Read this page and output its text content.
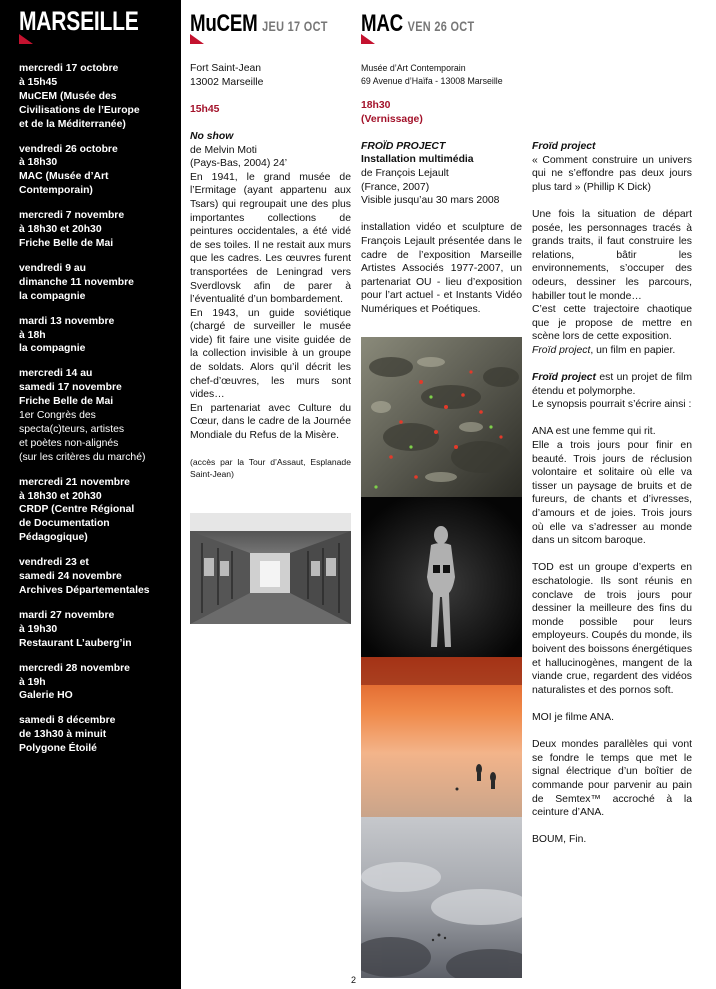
MARSEILLE
mercredi 17 octobre
à 15h45
MuCEM (Musée des
Civilisations de l’Europe
et de la Méditerranée)
vendredi 26 octobre
à 18h30
MAC (Musée d’Art
Contemporain)
mercredi 7 novembre
à 18h30 et 20h30
Friche Belle de Mai
vendredi 9 au
dimanche 11 novembre
la compagnie
mardi 13 novembre
à 18h
la compagnie
mercredi 14 au
samedi 17 novembre
Friche Belle de Mai
1er Congrès des
specta(c)teurs, artistes
et poètes non-alignés
(sur les critères du marché)
mercredi 21 novembre
à 18h30 et 20h30
CRDP (Centre Régional
de Documentation
Pédagogique)
vendredi 23 et
samedi 24 novembre
Archives Départementales
mardi 27 novembre
à 19h30
Restaurant L’auberg’in
mercredi 28 novembre
à 19h
Galerie HO
samedi 8 décembre
de 13h30 à minuit
Polygone Étoilé
MuCEM JEU 17 OCT
Fort Saint-Jean
13002 Marseille
15h45
No show
de Melvin Moti
(Pays-Bas, 2004) 24’
En 1941, le grand musée de l’Ermitage (ayant appartenu aux Tsars) qui regroupait une des plus importantes collections de peintures occidentales, a été vidé de ses toiles. Il ne restait aux murs que les cadres. Les œuvres furent transportées de Leningrad vers Sverdlovsk afin de parer à l’éventualité d’un bombardement.
En 1943, un guide soviétique (chargé de surveiller le musée vide) fit faire une visite guidée de la collection invisible à un groupe de soldats. Alors qu’il décrit les chef-d’œuvres, les murs sont vides…
En partenariat avec Culture du Cœur, dans le cadre de la Journée Mondiale du Refus de la Misère.
(accès par la Tour d’Assaut, Esplanade Saint-Jean)
MAC VEN 26 OCT
Musée d’Art Contemporain
69 Avenue d’Haïfa - 13008 Marseille
18h30
(Vernissage)
FROÏD PROJECT
Installation multimédia
de François Lejault
(France, 2007)
Visible jusqu’au 30 mars 2008
installation vidéo et sculpture de François Lejault présentée dans le cadre de l’exposition Marseille Artistes Associés 1977-2007, un partenariat OU - lieu d’exposition pour l’art actuel - et Instants Vidéo Numériques et Poétiques.
Froïd project
« Comment construire un univers qui ne s’effondre pas deux jours plus tard » (Phillip K Dick)
Une fois la situation de départ posée, les personnages tracés à grands traits, il faut construire les relations, bâtir les environnements, s’occuper des odeurs, dessiner les parcours, habiller tout le monde…
C’est cette trajectoire chaotique que je propose de mettre en scène lors de cette exposition.
Froïd project, un film en papier.
Froïd project est un projet de film étendu et polymorphe.
Le synopsis pourrait s’écrire ainsi :
ANA est une femme qui rit.
Elle a trois jours pour finir en beauté. Trois jours de réclusion volontaire et solitaire où elle va tisser un paysage de bruits et de fureurs, de chants et d’ivresses, d’amours et de joies. Trois jours où elle va s’adresser au monde dans un sitcom baroque.
TOD est un groupe d’experts en eschatologie. Ils sont réunis en conclave de trois jours pour dessiner la meilleure des fins du monde possible pour leurs employeurs. Coupés du monde, ils boivent des boissons énergétiques et hallucinogènes, mangent de la viande crue, regardent des vidéos naturalistes et des pornos soft.
MOI je filme ANA.
Deux mondes parallèles qui vont se fondre le temps que met le signal électrique d’un boîtier de commande pour parvenir au pain de Semtex™ accroché à la ceinture d’ANA.
BOUM, Fin.
2
